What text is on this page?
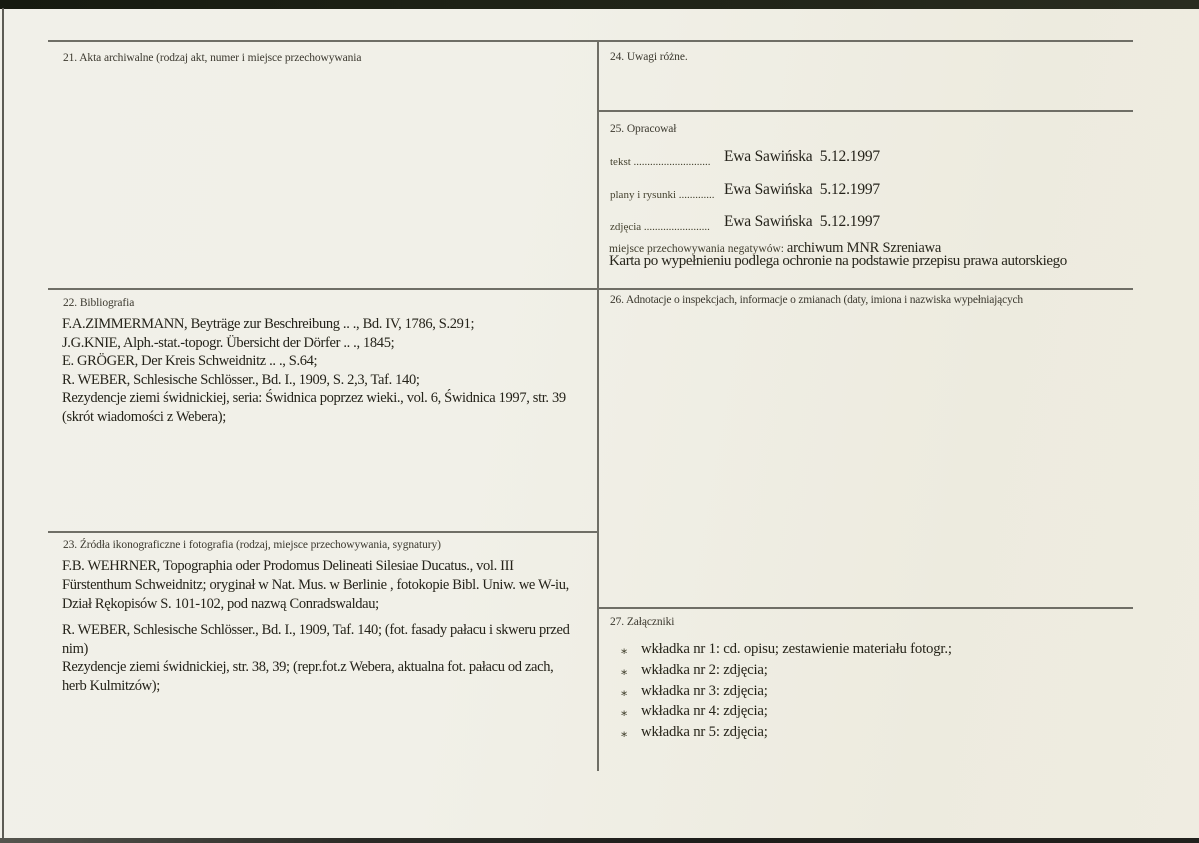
21. Akta archiwalne (rodzaj akt, numer i miejsce przechowywania
22. Bibliografia
F.A.ZIMMERMANN, Beyträge zur Beschreibung .. ., Bd. IV, 1786, S.291;
J.G.KNIE, Alph.-stat.-topogr. Übersicht der Dörfer .. ., 1845;
E. GRÖGER, Der Kreis Schweidnitz .. ., S.64;
R. WEBER, Schlesische Schlösser., Bd. I., 1909, S. 2,3, Taf. 140;
Rezydencje ziemi świdnickiej, seria: Świdnica poprzez wieki., vol. 6, Świdnica 1997, str. 39
(skrót wiadomości z Webera);
23. Źródła ikonograficzne i fotografia (rodzaj, miejsce przechowywania, sygnatury)
F.B. WEHRNER, Topographia oder Prodomus Delineati Silesiae Ducatus., vol. III
Fürstenthum Schweidnitz; oryginał w Nat. Mus. w Berlinie , fotokopie Bibl. Uniw. we W-iu,
Dział Rękopisów S. 101-102, pod nazwą Conradswaldau;
R. WEBER, Schlesische Schlösser., Bd. I., 1909, Taf. 140; (fot. fasady pałacu i skweru przed
nim)
Rezydencje ziemi świdnickiej, str. 38, 39; (repr.fot.z Webera, aktualna fot. pałacu od zach,
herb Kulmitzów);
24. Uwagi różne.
25. Opracował
tekst ............................ Ewa Sawińska  5.12.1997
plany i rysunki ............. Ewa Sawińska  5.12.1997
zdjęcia ........................ Ewa Sawińska  5.12.1997
miejsce przechowywania negatywów: archiwum MNR Szreniawa
Karta po wypełnieniu podlega ochronie na podstawie przepisu prawa autorskiego
26. Adnotacje o inspekcjach, informacje o zmianach (daty, imiona i nazwiska wypełniających
27. Załączniki
∗ wkładka nr 1: cd. opisu; zestawienie materiału fotogr.;
∗ wkładka nr 2: zdjęcia;
∗ wkładka nr 3: zdjęcia;
∗ wkładka nr 4: zdjęcia;
∗ wkładka nr 5: zdjęcia;
